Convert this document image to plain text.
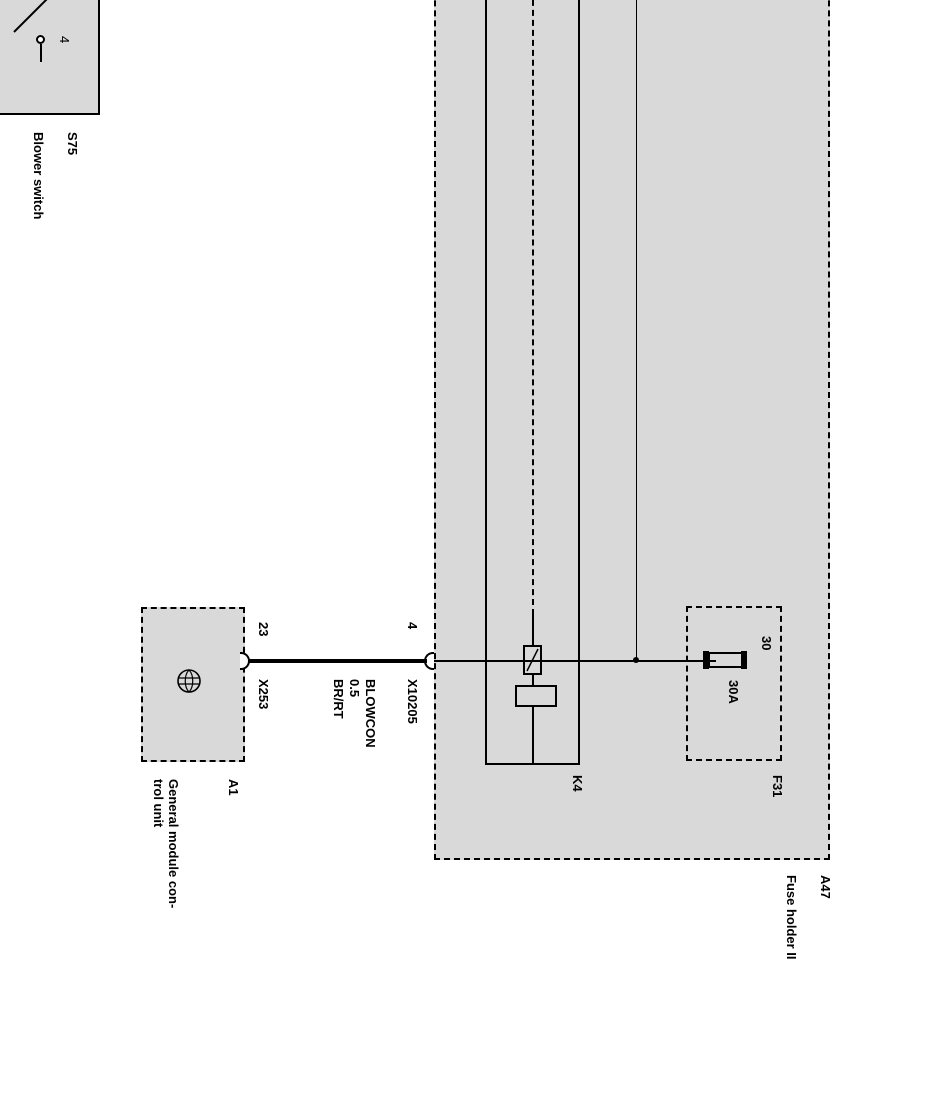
4
S75
Blower switch
K4
30
30A
F31
A47
Fuse holder II
A1
General module con-
trol unit
X253
23
X10205
4
BLOWCON
0.5
BR/RT
